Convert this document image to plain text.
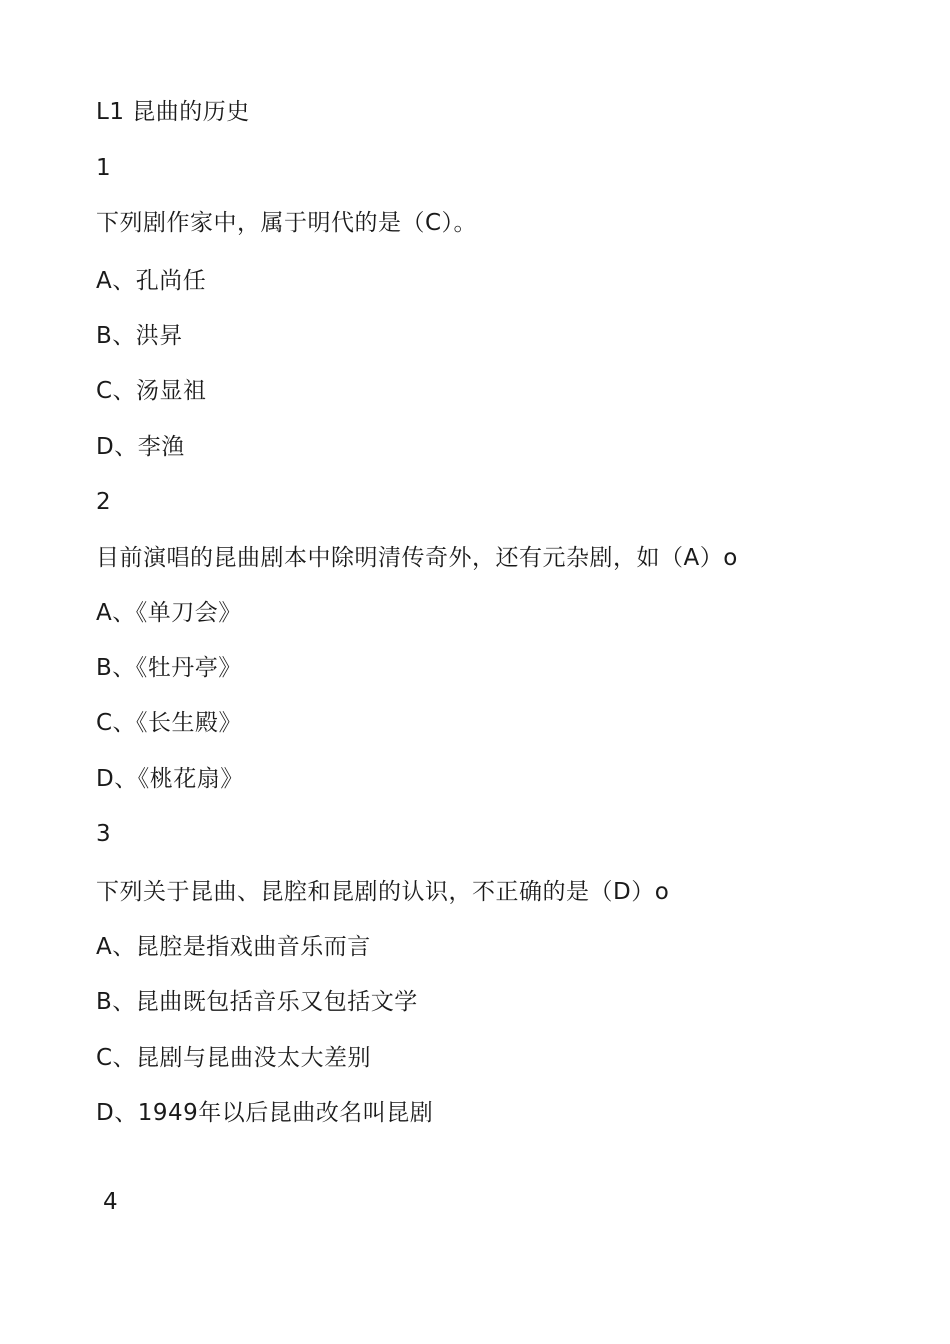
L1 昆曲的历史
1
下列剧作家中，属于明代的是（C）。
A、孔尚任
B、洪昇
C、汤显祖
D、李渔
2
目前演唱的昆曲剧本中除明清传奇外，还有元杂剧，如（A）o
A、《单刀会》
B、《牡丹亭》
C、《长生殿》
D、《桃花扇》
3
下列关于昆曲、昆腔和昆剧的认识，不正确的是（D）o
A、昆腔是指戏曲音乐而言
B、昆曲既包括音乐又包括文学
C、昆剧与昆曲没太大差别
D、1949年以后昆曲改名叫昆剧
4
